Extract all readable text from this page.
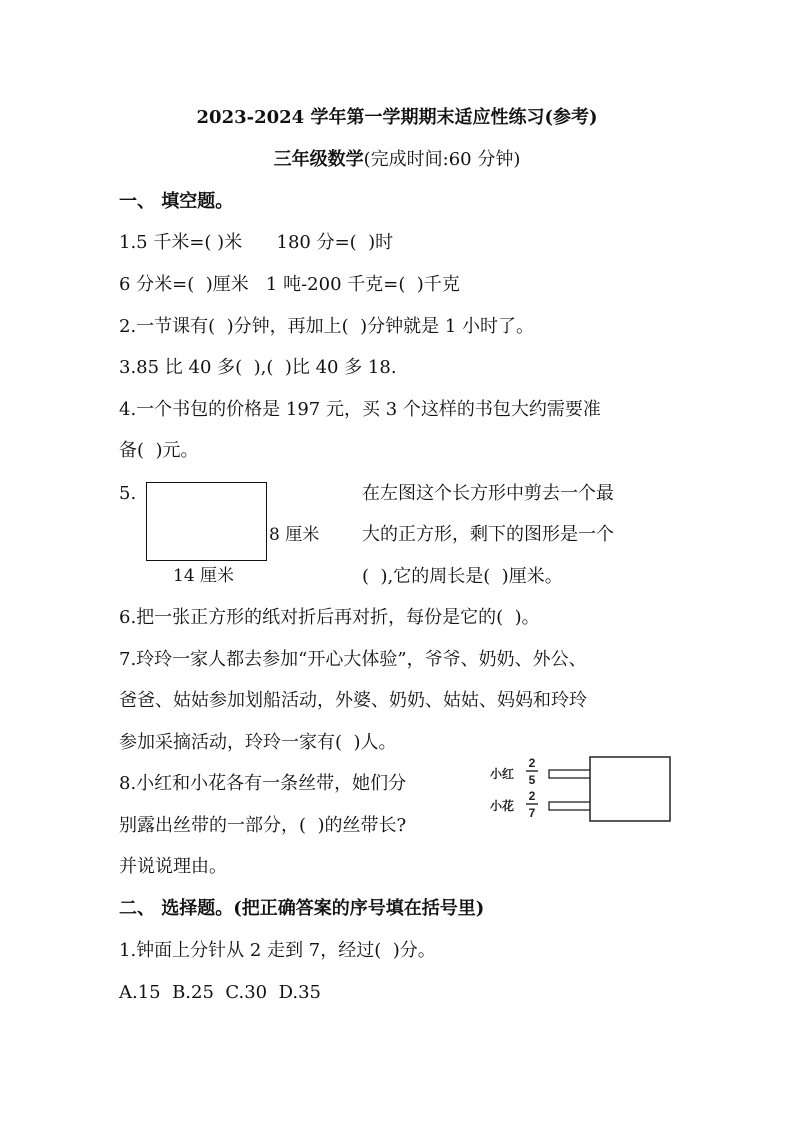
2023-2024 学年第一学期期末适应性练习(参考)
三年级数学(完成时间:60 分钟)
一、 填空题。
1.5 千米=( )米      180 分=(  )时
6 分米=(  )厘米   1 吨-200 千克=(  )千克
2.一节课有(  )分钟，再加上(  )分钟就是 1 小时了。
3.85 比 40 多(  ),(  )比 40 多 18.
4.一个书包的价格是 197 元，买 3 个这样的书包大约需要准
备(  )元。
5.
8 厘米
14 厘米
在左图这个长方形中剪去一个最
大的正方形，剩下的图形是一个
(  ),它的周长是(  )厘米。
6.把一张正方形的纸对折后再对折，每份是它的(  )。
7.玲玲一家人都去参加“开心大体验”，爷爷、奶奶、外公、
爸爸、姑姑参加划船活动，外婆、奶奶、姑姑、妈妈和玲玲
参加采摘活动，玲玲一家有(  )人。
8.小红和小花各有一条丝带，她们分
别露出丝带的一部分，(  )的丝带长?
并说说理由。
小红
2
5
小花
2
7
二、 选择题。(把正确答案的序号填在括号里)
1.钟面上分针从 2 走到 7，经过(  )分。
A.15  B.25  C.30  D.35
